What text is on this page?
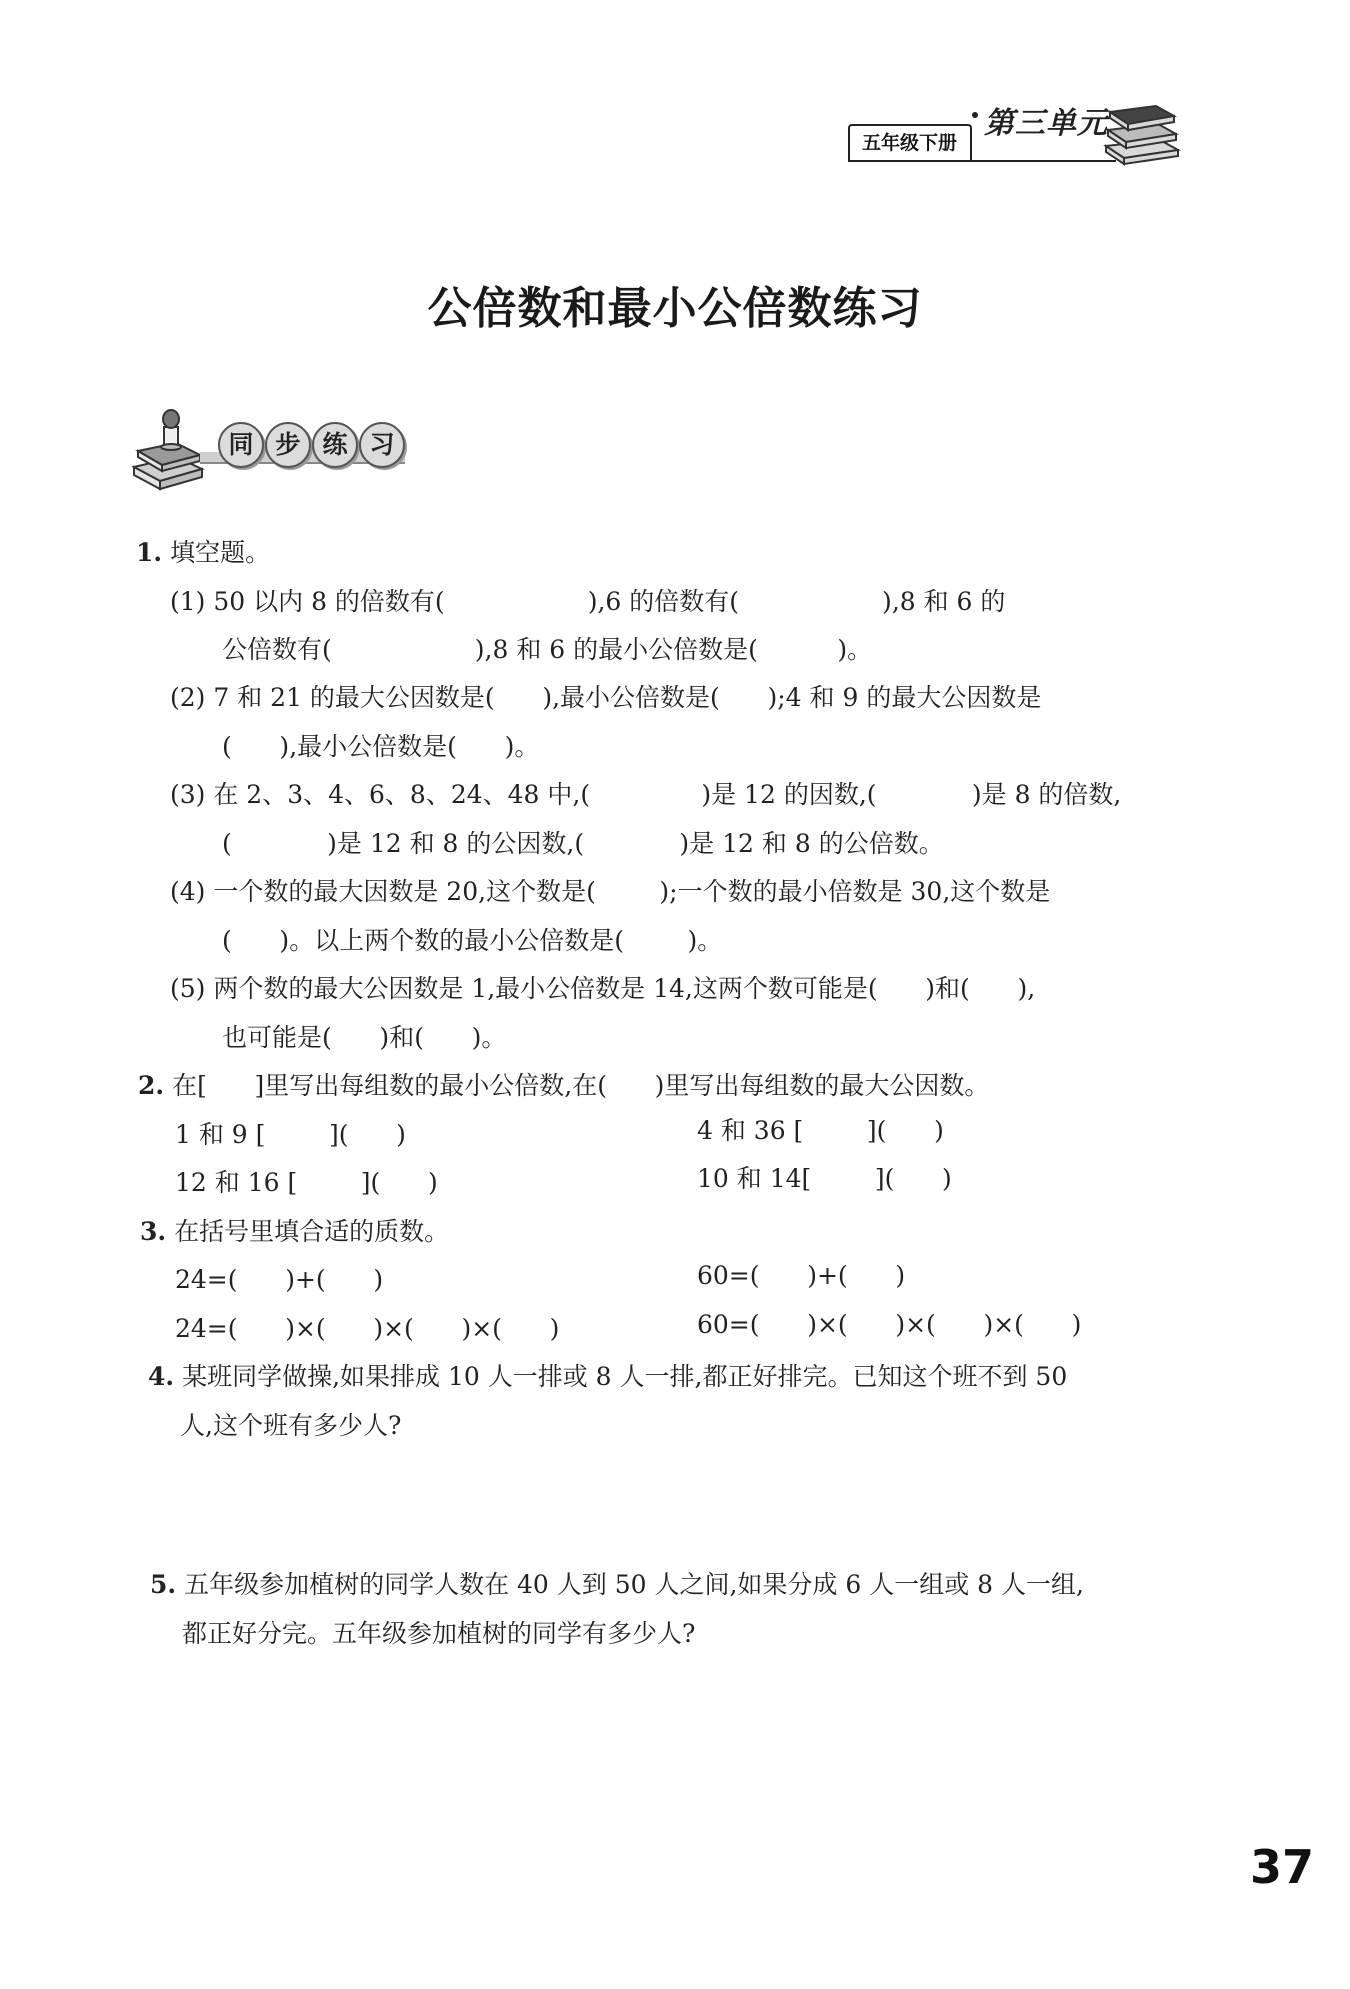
五年级下册
第三单元
公倍数和最小公倍数练习
同 步 练 习
1. 填空题。
(1) 50 以内 8 的倍数有(                  ),6 的倍数有(                  ),8 和 6 的
公倍数有(                  ),8 和 6 的最小公倍数是(          )。
(2) 7 和 21 的最大公因数是(      ),最小公倍数是(      );4 和 9 的最大公因数是
(      ),最小公倍数是(      )。
(3) 在 2、3、4、6、8、24、48 中,(              )是 12 的因数,(            )是 8 的倍数,
(            )是 12 和 8 的公因数,(            )是 12 和 8 的公倍数。
(4) 一个数的最大因数是 20,这个数是(        );一个数的最小倍数是 30,这个数是
(      )。以上两个数的最小公倍数是(        )。
(5) 两个数的最大公因数是 1,最小公倍数是 14,这两个数可能是(      )和(      ),
也可能是(      )和(      )。
2. 在[      ]里写出每组数的最小公倍数,在(      )里写出每组数的最大公因数。
1 和 9 [        ](      )	4 和 36 [        ](      )
12 和 16 [        ](      )	10 和 14[        ](      )
3. 在括号里填合适的质数。
24=(      )+(      )	60=(      )+(      )
24=(      )×(      )×(      )×(      )	60=(      )×(      )×(      )×(      )
4. 某班同学做操,如果排成 10 人一排或 8 人一排,都正好排完。已知这个班不到 50
人,这个班有多少人?
5. 五年级参加植树的同学人数在 40 人到 50 人之间,如果分成 6 人一组或 8 人一组,
都正好分完。五年级参加植树的同学有多少人?
37
